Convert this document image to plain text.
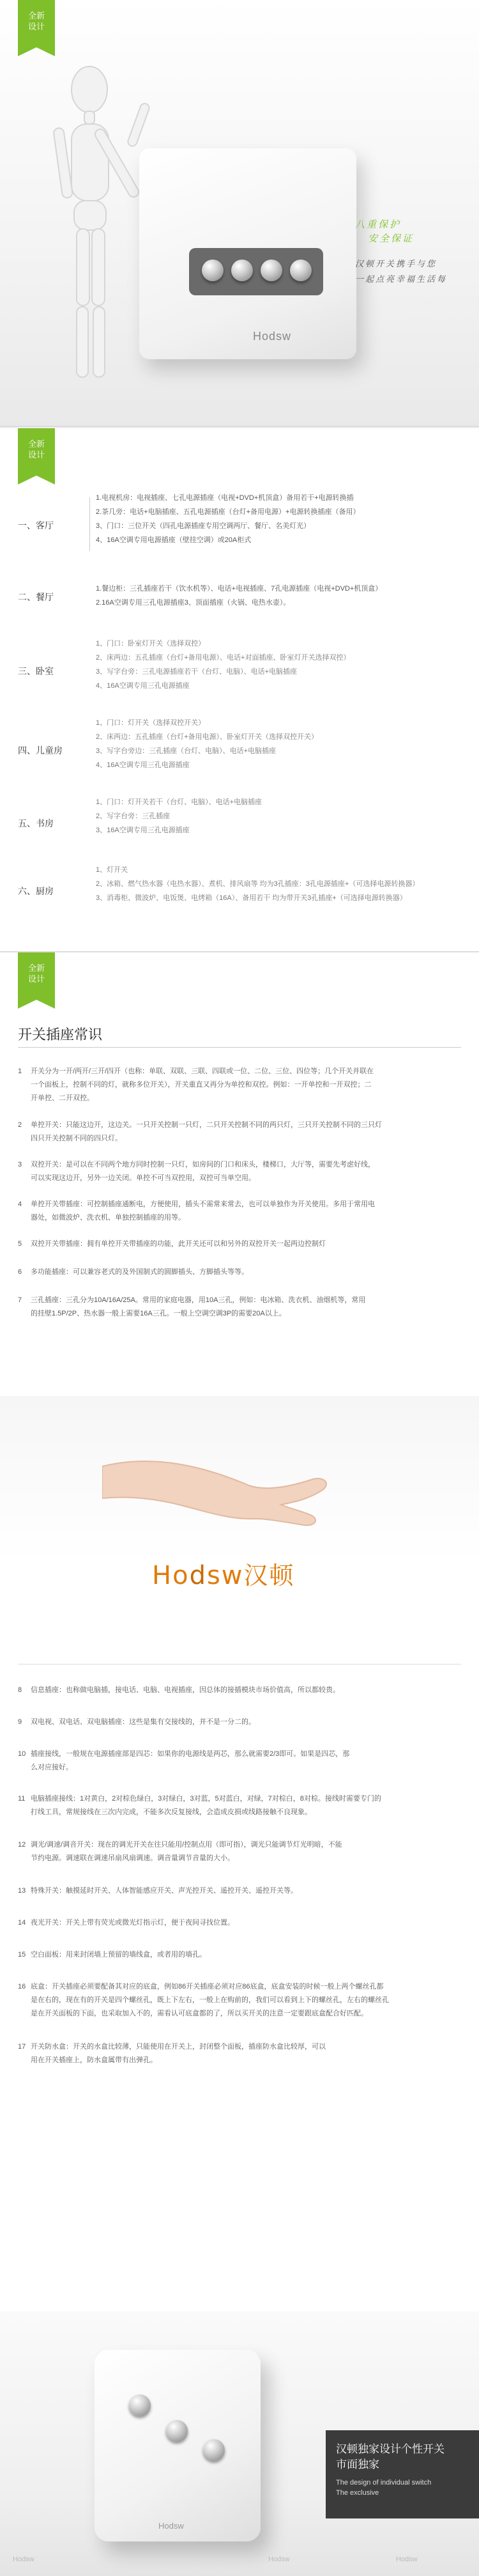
全新
设计
Hodsw
八重保护
安全保证
汉顿开关携手与您
一起点亮幸福生活每
全新
设计
一、客厅

1.电视机房：电视插座、七孔电源插座（电视+DVD+机顶盒）备用若干+电源转换插

2.茶几旁：电话+电脑插座、五孔电源插座（台灯+备用电源）+电源转换插座（备用）

3、门口：三位开关（四孔电源插座专用空调两厅、餐厅、名美灯光）

4、16A空调专用电源插座（壁挂空调）或20A柜式

二、餐厅

1.餐边柜：三孔插座若干（饮水机等）、电话+电视插座、7孔电源插座（电视+DVD+机顶盒）

2.16A空调专用三孔电源插座3、顶面插座（火锅、电热水壶）。

三、卧室

1、门口：卧室灯开关（选择双控）

2、床两边：五孔插座（台灯+备用电源）、电话+对面插座、卧室灯开关选择双控）

3、写字台旁：三孔电源插座若干（台灯、电脑）、电话+电脑插座

4、16A空调专用三孔电源插座

四、儿童房

1、门口：灯开关（选择双控开关）

2、床两边：五孔插座（台灯+备用电源）、卧室灯开关（选择双控开关）

3、写字台旁边：三孔插座（台灯、电脑）、电话+电脑插座

4、16A空调专用三孔电源插座

五、书房

1、门口：灯开关若干（台灯、电脑）、电话+电脑插座

2、写字台旁：三孔插座

3、16A空调专用三孔电源插座

六、厨房

1、灯开关

2、冰箱、燃气热水器（电热水器）、煮机、排风扇等 均为3孔插座：3孔电源插座+（可选择电源转换器）

3、消毒柜、微波炉、电饭煲、电烤箱（16A）、备用若干 均为带开关3孔插座+（可选择电源转换器）

全新
设计
开关插座常识
1 开关分为一开/两开/三开/四开（也称：单联、双联、三联、四联或一位、二位、三位、四位等；几个开关并联在
一个面板上，控制不同的灯，就称多位开关），开关重直又再分为单控和双控。例如：一开单控和一开双控；二
开单控、二开双控。
2 单控开关：只能这边开，这边关。一只开关控制一只灯，二只开关控制不同的两只灯，三只开关控制不同的三只灯
四只开关控制不同的四只灯。
3 双控开关：是可以在不同两个地方同时控制一只灯，如房间的门口和床头，楼梯口，大厅等，需要先考虑好线，
可以实现这边开，另外一边关闭。单控不可当双控用，双控可当单空用。
4 单控开关带插座：可控制插座通断电，方便使用，插头不需常来常去，也可以单独作为开关使用。多用于常用电
器处，如微波炉、洗衣机、单独控制插座的用等。
5 双控开关带插座：拥有单控开关带插座的功能，此开关还可以和另外的双控开关一起两边控制灯
6 多功能插座：可以兼容老式的及外国制式的圆脚插头、方脚插头等等。
7 三孔插座：三孔分为10A/16A/25A。常用的家庭电器，用10A三孔，例如：电冰箱、洗衣机、油烟机等，常用
的挂壁1.5P/2P、热水器一般上需要16A三孔。一般上空调空调3P的需要20A以上。
Hodsw汉顿
8 信息插座：也称做电脑插，接电话、电脑、电视插座，因总体的接插模块市场价值高，所以都较贵。
9 双电视、双电话、双电脑插座：这些是集有交接线的，并不是一分二的。
10 插座接线，一般规在电源插座部是四芯：如果你的电源线是两芯，那么就需要2/3即可。如果是四芯，那
么对应接好。
11 电脑插座接线：1对黄白，2对棕色绿白，3对绿白，3对蓝，5对蓝白，对绿，7对棕白，8对棕。接线时需要专门的
打线工具，常规接线在三次内完成，不能多次反复接线，会造成皮损或线路接触不良现象。
12 调光/调速/调音开关：现在的调光开关在往只能用/控制点用（即可指），调光只能调节灯光明暗，不能
节约电源。调速联在调速吊扇风扇调速。调音量调节音量的大小。
13 特殊开关：触摸延时开关、人体智能感应开关、声光控开关、遥控开关、遥控开关等。
14 夜光开关：开关上带有荧光或微光灯指示灯，便于夜间寻找位置。
15 空白面板：用来封闭墙上预留的墙线盒，或者用的墙孔。
16 底盒：开关插座必须要配备其对应的底盒，例如86开关插座必须对应86底盒，底盒安装的时候一般上两个螺丝孔都
是在右的，现在有的开关是四个螺丝孔，既上下左右，一般上在购前的，我们可以看到上下的螺丝孔，左右的螺丝孔
是在开关面板的下面，也采取加入不的，需看认可底盒都的了，所以买开关的注意一定要跟底盒配合好匹配。
17 开关防水盒：开关的水盒比较薄，只能使用在开关上，封闭整个面板，插座防水盒比较厚，可以
用在开关插座上，防水盒属带有出弹孔。
Hodsw
汉顿独家设计个性开关
市面独家
The design of individual switch
The exclusive
Hodsw	Hodsw	Hodsw
